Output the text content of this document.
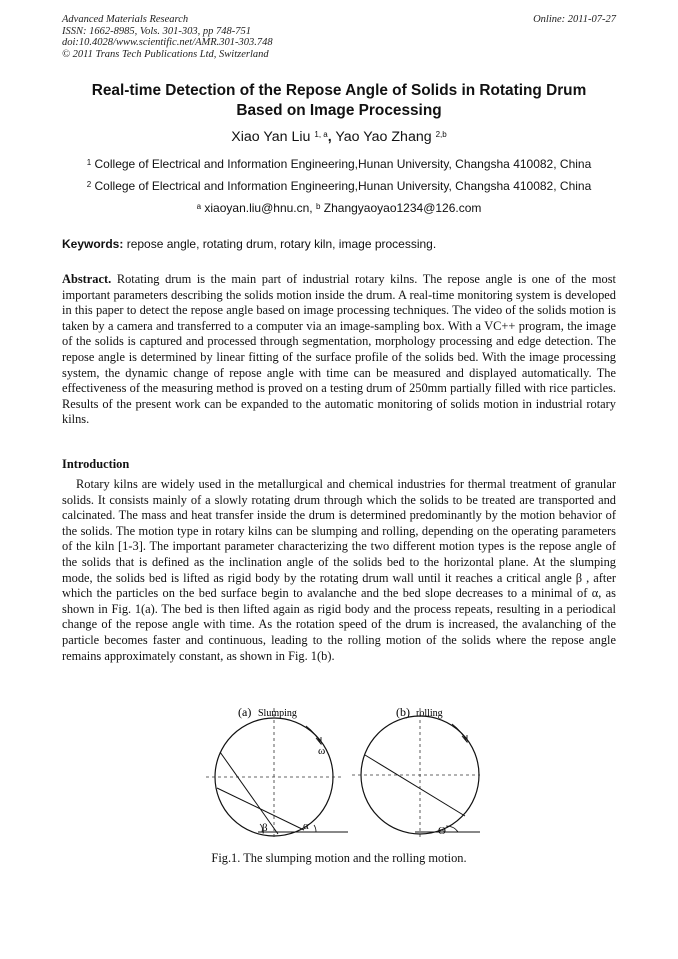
Advanced Materials Research
ISSN: 1662-8985, Vols. 301-303, pp 748-751
doi:10.4028/www.scientific.net/AMR.301-303.748
© 2011 Trans Tech Publications Ltd, Switzerland
Online: 2011-07-27
Real-time Detection of the Repose Angle of Solids in Rotating Drum
Based on Image Processing
Xiao Yan Liu $^{1, a}$, Yao Yao Zhang $^{2,b}$
$^1$ College of Electrical and Information Engineering,Hunan University, Changsha 410082, China
$^2$ College of Electrical and Information Engineering,Hunan University, Changsha 410082, China
$^a$ xiaoyan.liu@hnu.cn, $^b$ Zhangyaoyao1234@126.com
Keywords: repose angle, rotating drum, rotary kiln, image processing.
Abstract. Rotating drum is the main part of industrial rotary kilns. The repose angle is one of the most important parameters describing the solids motion inside the drum. A real-time monitoring system is developed in this paper to detect the repose angle based on image processing techniques. The video of the solids motion is taken by a camera and transferred to a computer via an image-sampling box. With a VC++ program, the image of the solids is captured and processed through segmentation, morphology processing and edge detection. The repose angle is determined by linear fitting of the surface profile of the solids bed. With the image processing system, the dynamic change of repose angle with time can be measured and displayed automatically. The effectiveness of the measuring method is proved on a testing drum of 250mm partially filled with rice particles. Results of the present work can be expanded to the automatic monitoring of solids motion in industrial rotary kilns.
Introduction
Rotary kilns are widely used in the metallurgical and chemical industries for thermal treatment of granular solids. It consists mainly of a slowly rotating drum through which the solids to be treated are transported and calcinated. The mass and heat transfer inside the drum is determined predominantly by the motion behavior of the solids. The motion type in rotary kilns can be slumping and rolling, depending on the operating parameters of the kiln [1-3]. The important parameter characterizing the two different motion types is the repose angle of the solids that is defined as the inclination angle of the solids bed to the horizontal plane. At the slumping mode, the solids bed is lifted as rigid body by the rotating drum wall until it reaches a critical angle β , after which the particles on the bed surface begin to avalanche and the bed slope decreases to a minimal of α, as shown in Fig. 1(a). The bed is then lifted again as rigid body and the process repeats, resulting in a periodical change of the repose angle with time. As the rotation speed of the drum is increased, the avalanching of the particle becomes faster and continuous, leading to the rolling motion of the solids where the repose angle remains approximately constant, as shown in Fig. 1(b).
(a) Slumping
ω
β	α
(b) rolling
Θ
Fig.1. The slumping motion and the rolling motion.
